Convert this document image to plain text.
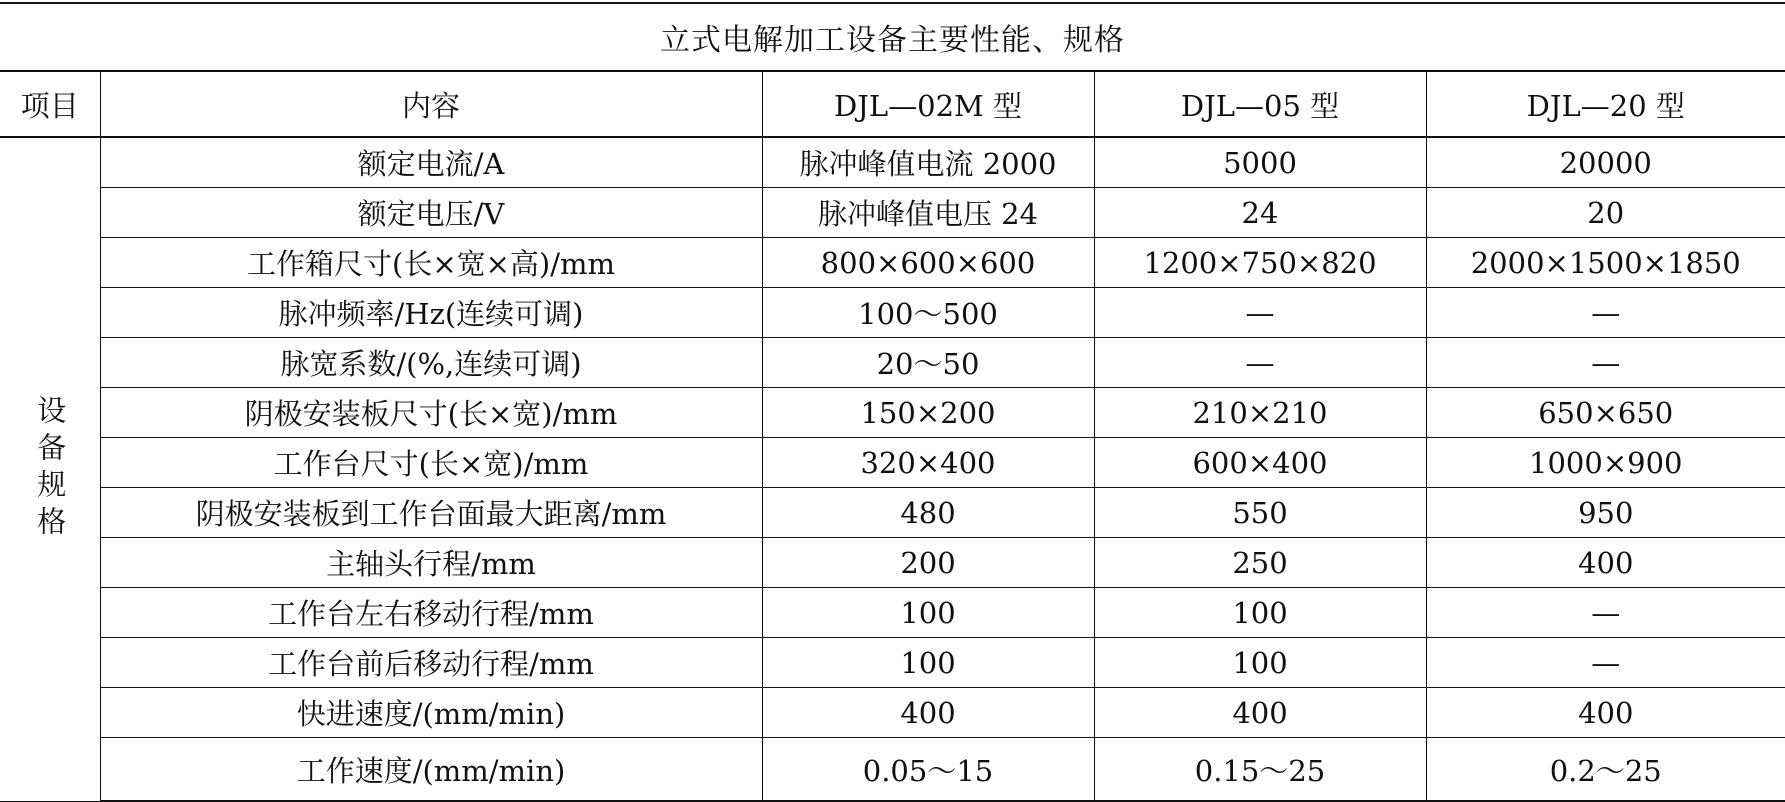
立式电解加工设备主要性能、规格
项目	内容	DJL—02M 型	DJL—05 型	DJL—20 型
设备规格	额定电流/A	脉冲峰值电流 2000	5000	20000
	额定电压/V	脉冲峰值电压 24	24	20
	工作箱尺寸(长×宽×高)/mm	800×600×600	1200×750×820	2000×1500×1850
	脉冲频率/Hz(连续可调)	100～500	—	—
	脉宽系数/(%,连续可调)	20～50	—	—
	阴极安装板尺寸(长×宽)/mm	150×200	210×210	650×650
	工作台尺寸(长×宽)/mm	320×400	600×400	1000×900
	阴极安装板到工作台面最大距离/mm	480	550	950
	主轴头行程/mm	200	250	400
	工作台左右移动行程/mm	100	100	—
	工作台前后移动行程/mm	100	100	—
	快进速度/(mm/min)	400	400	400
	工作速度/(mm/min)	0.05～15	0.15～25	0.2～25
